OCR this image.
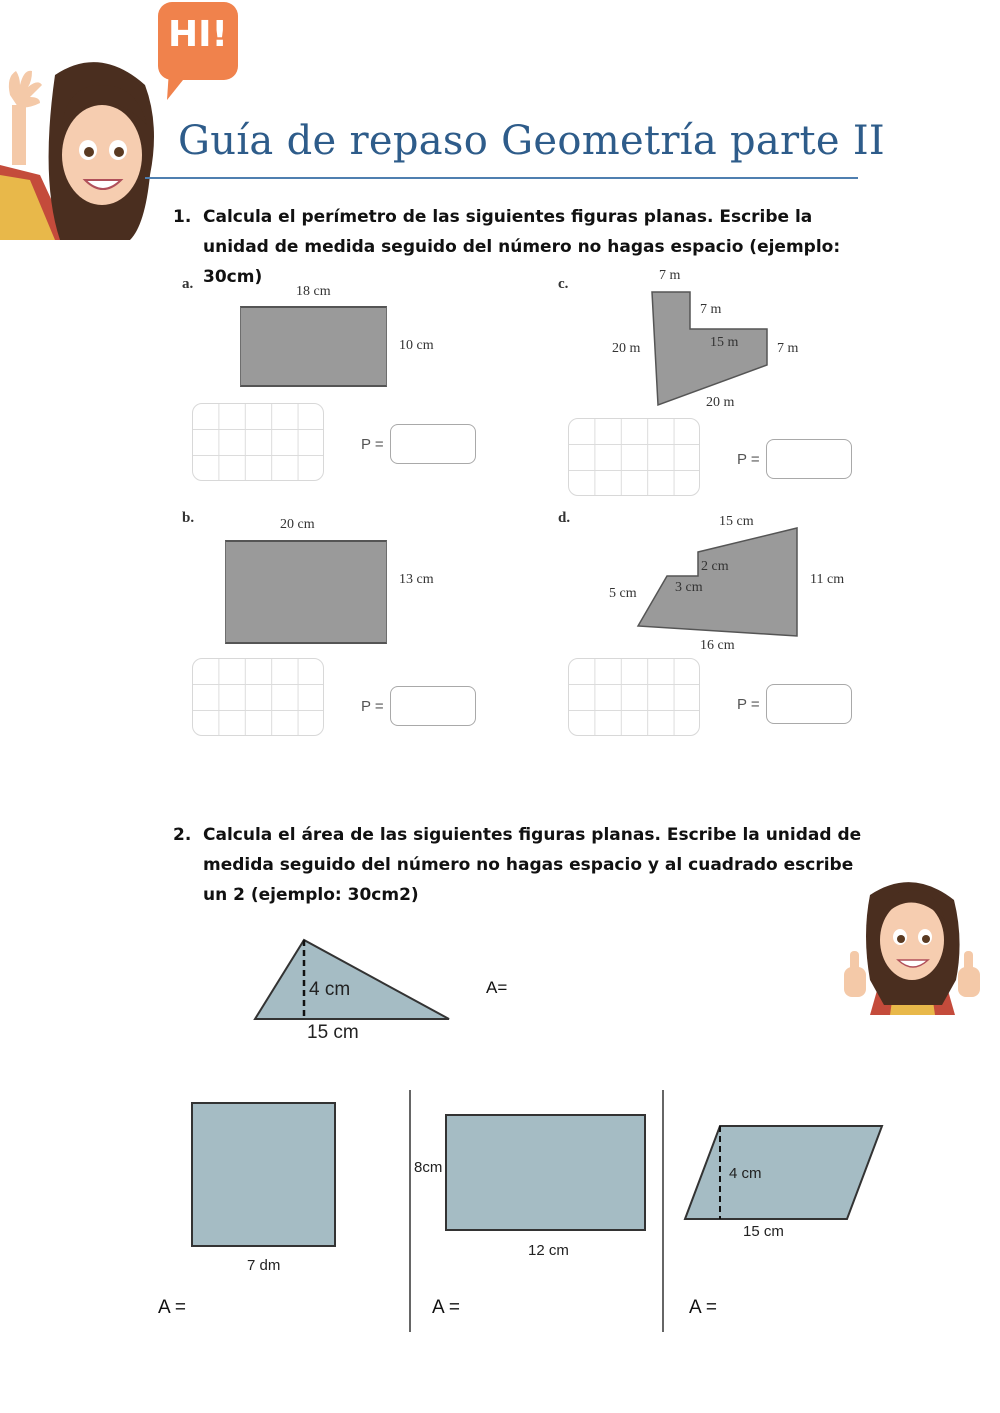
HI!
Guía de repaso Geometría parte II
1. Calcula el perímetro de las siguientes figuras planas. Escribe la unidad de medida seguido del número no hagas espacio (ejemplo: 30cm)
a.	18 cm
10 cm
P =
b.	20 cm
13 cm
P =
c.
7 m
7 m
15 m	7 m
20 m
20 m
P =
d.	15 cm
2 cm
3 cm
5 cm
11 cm
16 cm
P =
2. Calcula el área de las siguientes figuras planas. Escribe la unidad de medida seguido del número no hagas espacio y al cuadrado escribe un 2 (ejemplo: 30cm2)
4 cm
15 cm
A=
7 dm
A =
8cm
12 cm
A =
4 cm
15 cm
A =
